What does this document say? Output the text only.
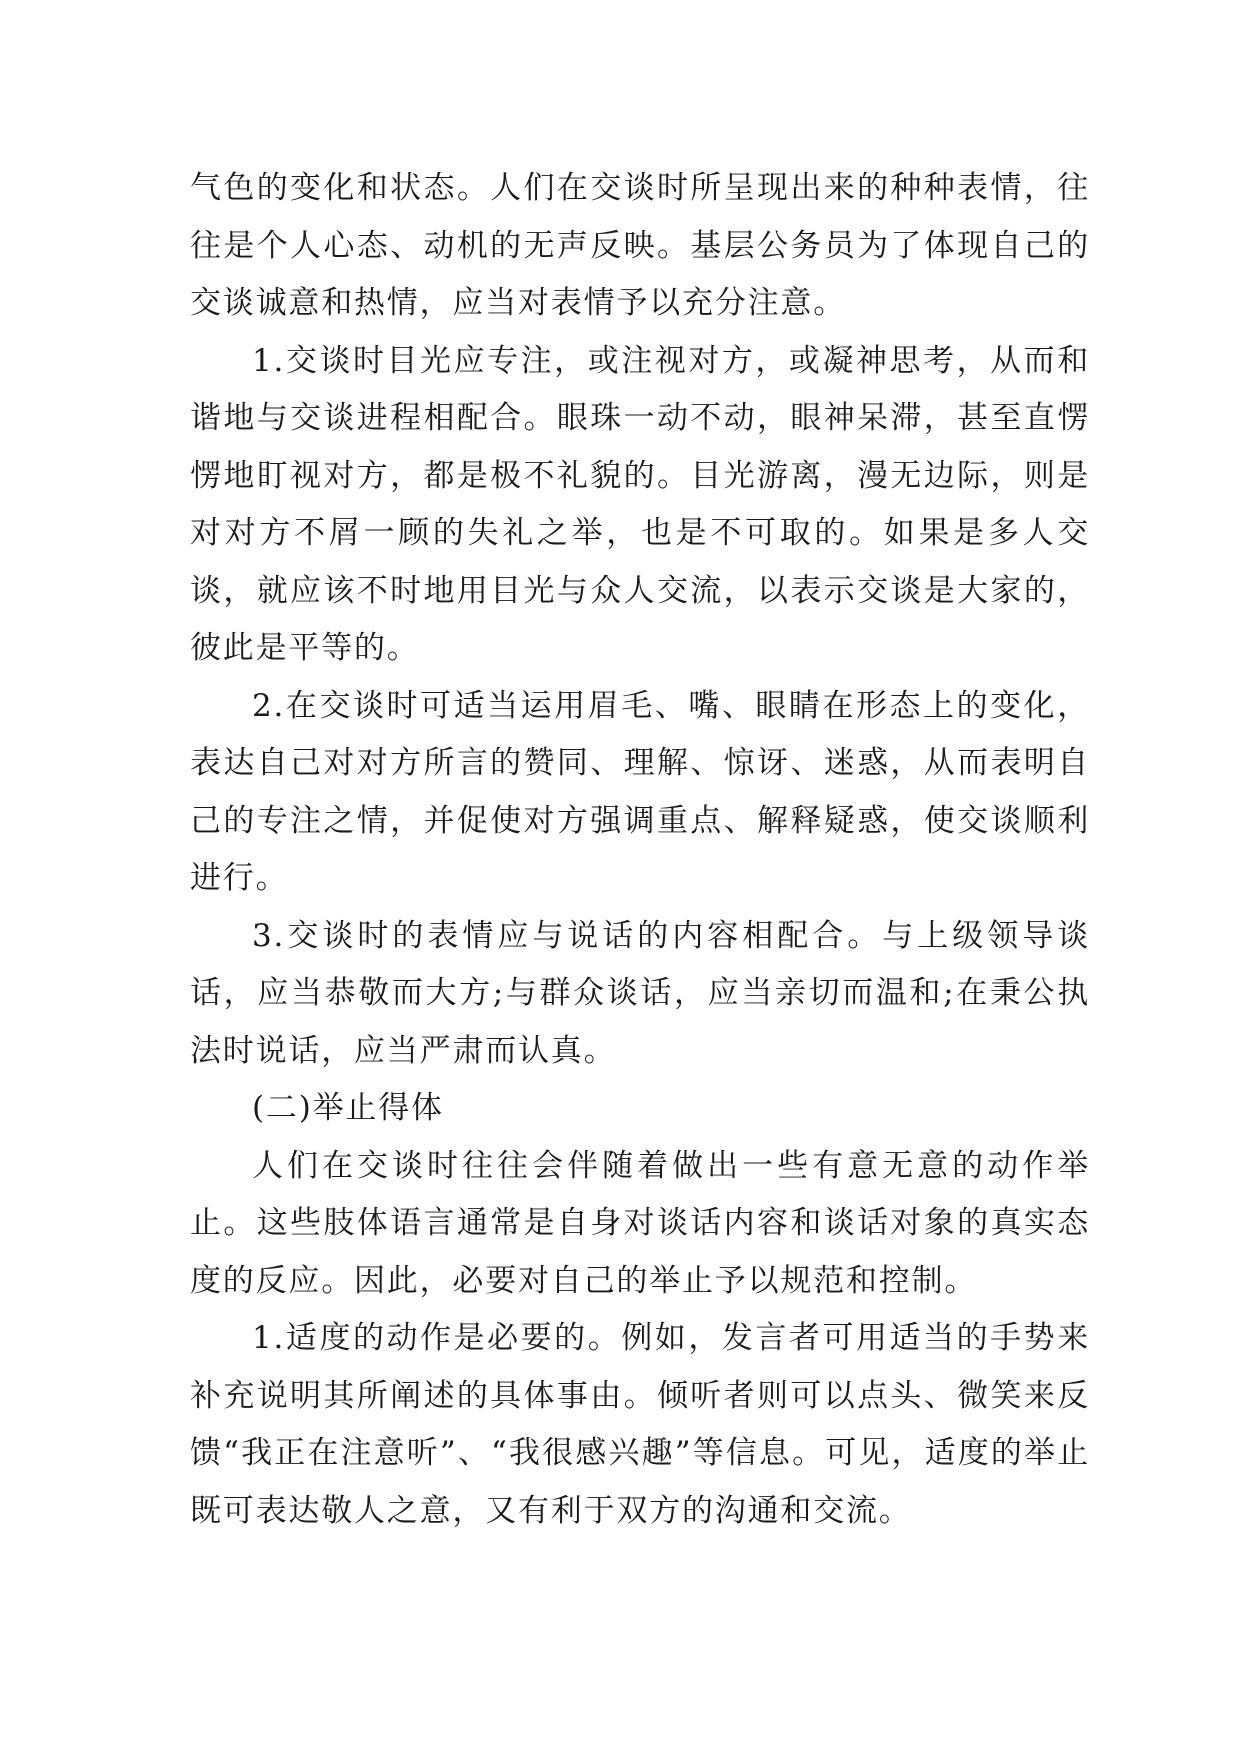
气色的变化和状态。人们在交谈时所呈现出来的种种表情，往往是个人心态、动机的无声反映。基层公务员为了体现自己的交谈诚意和热情，应当对表情予以充分注意。

1.交谈时目光应专注，或注视对方，或凝神思考，从而和谐地与交谈进程相配合。眼珠一动不动，眼神呆滞，甚至直愣愣地盯视对方，都是极不礼貌的。目光游离，漫无边际，则是对对方不屑一顾的失礼之举，也是不可取的。如果是多人交谈，就应该不时地用目光与众人交流，以表示交谈是大家的，彼此是平等的。

2.在交谈时可适当运用眉毛、嘴、眼睛在形态上的变化，表达自己对对方所言的赞同、理解、惊讶、迷惑，从而表明自己的专注之情，并促使对方强调重点、解释疑惑，使交谈顺利进行。

3.交谈时的表情应与说话的内容相配合。与上级领导谈话，应当恭敬而大方;与群众谈话，应当亲切而温和;在秉公执法时说话，应当严肃而认真。

(二)举止得体

人们在交谈时往往会伴随着做出一些有意无意的动作举止。这些肢体语言通常是自身对谈话内容和谈话对象的真实态度的反应。因此，必要对自己的举止予以规范和控制。

1.适度的动作是必要的。例如，发言者可用适当的手势来补充说明其所阐述的具体事由。倾听者则可以点头、微笑来反馈“我正在注意听”、“我很感兴趣”等信息。可见，适度的举止既可表达敬人之意，又有利于双方的沟通和交流。
